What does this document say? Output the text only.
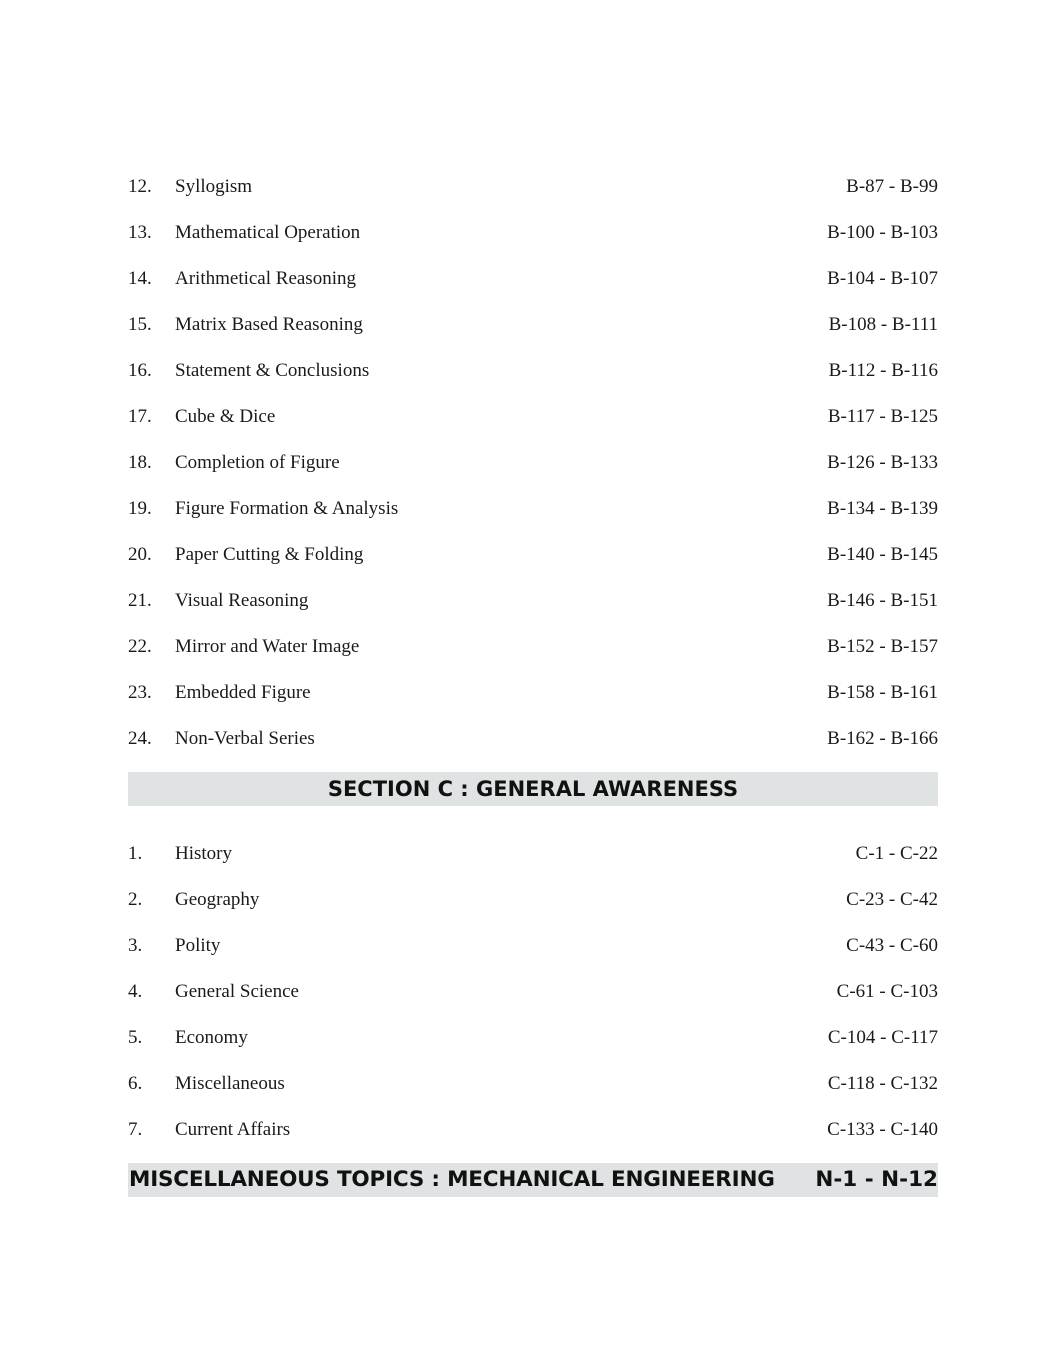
12. Syllogism	B-87 - B-99
13. Mathematical Operation	B-100 - B-103
14. Arithmetical Reasoning	B-104 - B-107
15. Matrix Based Reasoning	B-108 - B-111
16. Statement & Conclusions	B-112 - B-116
17. Cube & Dice	B-117 - B-125
18. Completion of Figure	B-126 - B-133
19. Figure Formation & Analysis	B-134 - B-139
20. Paper Cutting & Folding	B-140 - B-145
21. Visual Reasoning	B-146 - B-151
22. Mirror and Water Image	B-152 - B-157
23. Embedded Figure	B-158 - B-161
24. Non-Verbal Series	B-162 - B-166
SECTION C : GENERAL AWARENESS
1. History	C-1 - C-22
2. Geography	C-23 - C-42
3. Polity	C-43 - C-60
4. General Science	C-61 - C-103
5. Economy	C-104 - C-117
6. Miscellaneous	C-118 - C-132
7. Current Affairs	C-133 - C-140
MISCELLANEOUS TOPICS : MECHANICAL ENGINEERING N-1 - N-12
